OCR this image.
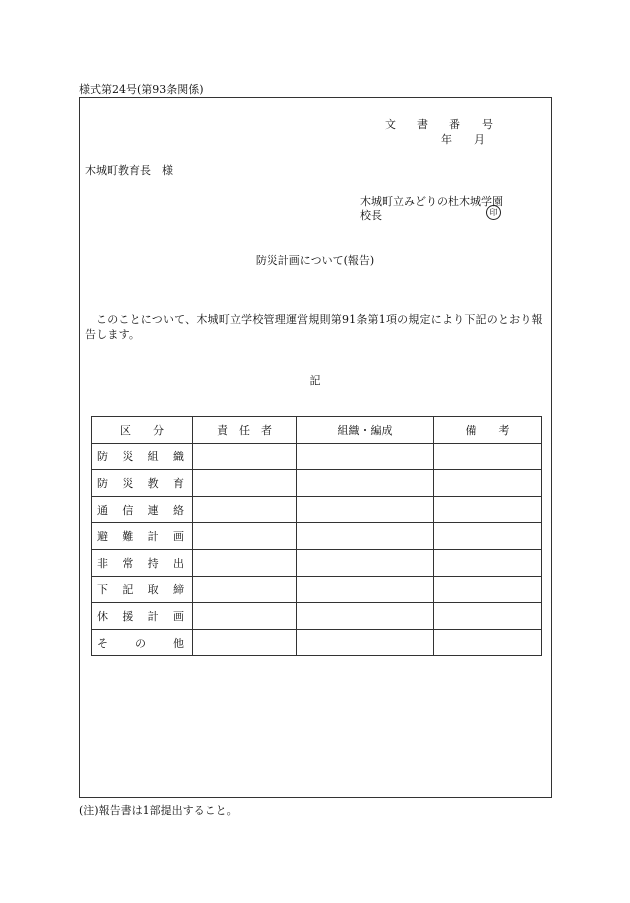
様式第24号(第93条関係)
文	書	番	号
年　　月
木城町教育長　様
木城町立みどりの杜木城学園
校長	印
防災計画について(報告)
このことについて、木城町立学校管理運営規則第91条第1項の規定により下記のとおり報告します。
記
区　　分	責　任　者	組織・編成	備　　考

防 災 組 織			

防 災 教 育			

通 信 連 絡			

避 難 計 画			

非 常 持 出			

下 記 取 締			

休 援 計 画			

そ の 他			

(注)報告書は1部提出すること。
